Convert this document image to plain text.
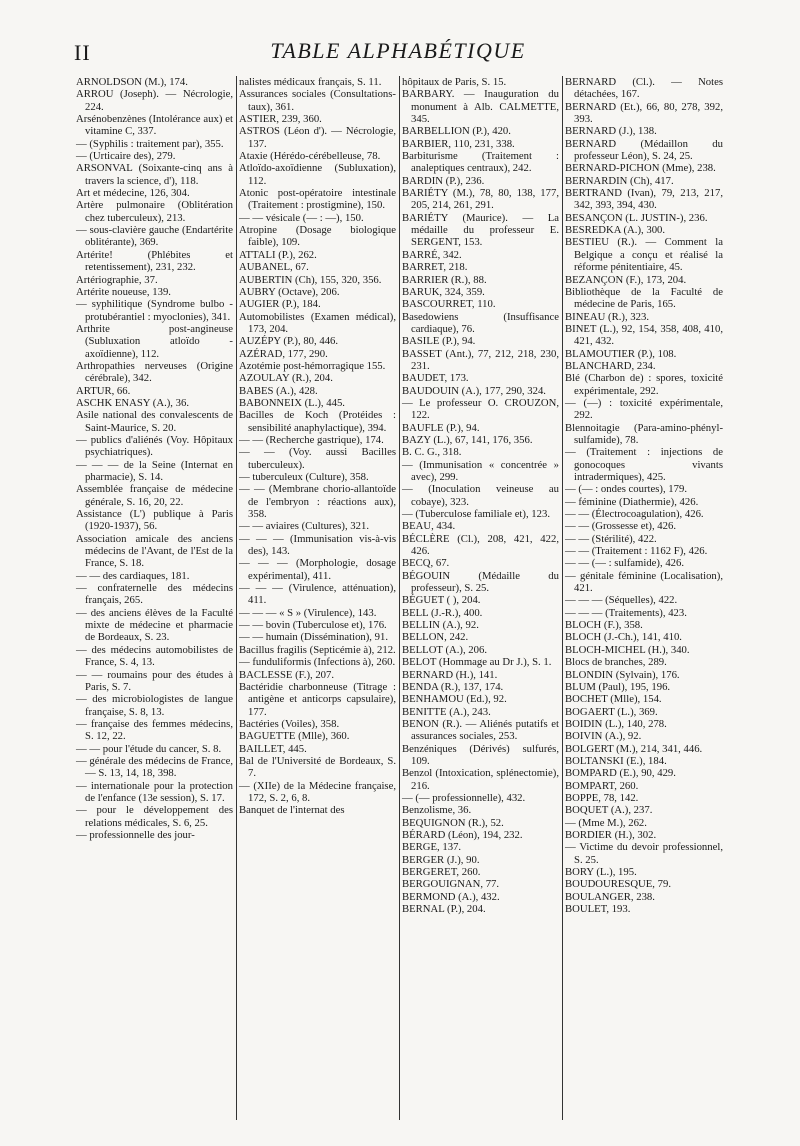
II	TABLE ALPHABÉTIQUE
ARNOLDSON (M.), 174.
ARROU (Joseph). — Nécrologie, 224.
Arsénobenzènes (Intolérance aux) et vitamine C, 337.
— (Syphilis : traitement par), 355.
— (Urticaire des), 279.
ARSONVAL (Soixante-cinq ans à travers la science, d'), 118.
Art et médecine, 126, 304.
Artère pulmonaire (Oblitération chez tuberculeux), 213.
— sous-clavière gauche (Endartérite oblitérante), 369.
Artérite! (Phlébites et retentissement), 231, 232.
Artériographie, 37.
Artérite noueuse, 139.
— syphilitique (Syndrome bulbo - protubérantiel : myoclonies), 341.
Arthrite post-angineuse (Subluxation atloïdo - axoïdienne), 112.
Arthropathies nerveuses (Origine cérébrale), 342.
ARTUR, 66.
ASCHK ENASY (A.), 36.
Asile national des convalescents de Saint-Maurice, S. 20.
— publics d'aliénés (Voy. Hôpitaux psychiatriques).
— — — de la Seine (Internat en pharmacie), S. 14.
Assemblée française de médecine générale, S. 16, 20, 22.
Assistance (L') publique à Paris (1920-1937), 56.
Association amicale des anciens médecins de l'Avant, de l'Est de la France, S. 18.
— — des cardiaques, 181.
— confraternelle des médecins français, 265.
— des anciens élèves de la Faculté mixte de médecine et pharmacie de Bordeaux, S. 23.
— des médecins automobilistes de France, S. 4, 13.
— — roumains pour des études à Paris, S. 7.
— des microbiologistes de langue française, S. 8, 13.
— française des femmes médecins, S. 12, 22.
— — pour l'étude du cancer, S. 8.
— générale des médecins de France, — S. 13, 14, 18, 398.
— internationale pour la protection de l'enfance (13e session), S. 17.
— pour le développement des relations médicales, S. 6, 25.
— professionnelle des jour-
nalistes médicaux français, S. 11.
Assurances sociales (Consultations-taux), 361.
ASTIER, 239, 360.
ASTROS (Léon d'). — Nécrologie, 137.
Ataxie (Hérédo-cérébelleuse, 78.
Atloïdo-axoïdienne (Subluxation), 112.
Atonic post-opératoire intestinale (Traitement : prostigmine), 150.
— — vésicale (— : —), 150.
Atropine (Dosage biologique faible), 109.
ATTALI (P.), 262.
AUBANEL, 67.
AUBERTIN (Ch), 155, 320, 356.
AUBRY (Octave), 206.
AUGIER (P.), 184.
Automobilistes (Examen médical), 173, 204.
AUZÉPY (P.), 80, 446.
AZÉRAD, 177, 290.
Azotémie post-hémorragique 155.
AZOULAY (R.), 204.
BABES (A.), 428.
BABONNEIX (L.), 445.
Bacilles de Koch (Protéides : sensibilité anaphylactique), 394.
— — (Recherche gastrique), 174.
— — (Voy. aussi Bacilles tuberculeux).
— tuberculeux (Culture), 358.
— — (Membrane chorio-allantoïde de l'embryon : réactions aux), 358.
— — aviaires (Cultures), 321.
— — — (Immunisation vis-à-vis des), 143.
— — — (Morphologie, dosage expérimental), 411.
— — — (Virulence, atténuation), 411.
— — — « S » (Virulence), 143.
— — bovin (Tuberculose et), 176.
— — humain (Dissémination), 91.
Bacillus fragilis (Septicémie à), 212.
— funduliformis (Infections à), 260.
BACLESSE (F.), 207.
Bactéridie charbonneuse (Titrage : antigène et anticorps capsulaire), 177.
Bactéries (Voiles), 358.
BAGUETTE (Mlle), 360.
BAILLET, 445.
Bal de l'Université de Bordeaux, S. 7.
— (XIIe) de la Médecine française, 172, S. 2, 6, 8.
Banquet de l'internat des
hôpitaux de Paris, S. 15.
BARBARY. — Inauguration du monument à Alb. CALMETTE, 345.
BARBELLION (P.), 420.
BARBIER, 110, 231, 338.
Barbiturisme (Traitement : analeptiques centraux), 242.
BARDIN (P.), 236.
BARIÉTY (M.), 78, 80, 138, 177, 205, 214, 261, 291.
BARIÉTY (Maurice). — La médaille du professeur E. SERGENT, 153.
BARRÉ, 342.
BARRET, 218.
BARRIER (R.), 88.
BARUK, 324, 359.
BASCOURRET, 110.
Basedowiens (Insuffisance cardiaque), 76.
BASILE (P.), 94.
BASSET (Ant.), 77, 212, 218, 230, 231.
BAUDET, 173.
BAUDOUIN (A.), 177, 290, 324.
— Le professeur O. CROUZON, 122.
BAUFLE (P.), 94.
BAZY (L.), 67, 141, 176, 356.
B. C. G., 318.
— (Immunisation « concentrée » avec), 299.
— (Inoculation veineuse au cobaye), 323.
— (Tuberculose familiale et), 123.
BEAU, 434.
BÉCLÈRE (Cl.), 208, 421, 422, 426.
BECQ, 67.
BÉGOUIN (Médaille du professeur), S. 25.
BÉGUET ( ), 204.
BELL (J.-R.), 400.
BELLIN (A.), 92.
BELLON, 242.
BELLOT (A.), 206.
BELOT (Hommage au Dr J.), S. 1.
BERNARD (H.), 141.
BENDA (R.), 137, 174.
BENHAMOU (Ed.), 92.
BENITTE (A.), 243.
BENON (R.). — Aliénés putatifs et assurances sociales, 253.
Benzéniques (Dérivés) sulfurés, 109.
Benzol (Intoxication, splénectomie), 216.
— (— professionnelle), 432.
Benzolisme, 36.
BEQUIGNON (R.), 52.
BÉRARD (Léon), 194, 232.
BERGE, 137.
BERGER (J.), 90.
BERGERET, 260.
BERGOUIGNAN, 77.
BERMOND (A.), 432.
BERNAL (P.), 204.
BERNARD (Cl.). — Notes détachées, 167.
BERNARD (Et.), 66, 80, 278, 392, 393.
BERNARD (J.), 138.
BERNARD (Médaillon du professeur Léon), S. 24, 25.
BERNARD-PICHON (Mme), 238.
BERNARDIN (Ch), 417.
BERTRAND (Ivan), 79, 213, 217, 342, 393, 394, 430.
BESANÇON (L. JUSTIN-), 236.
BESREDKA (A.), 300.
BESTIEU (R.). — Comment la Belgique a conçu et réalisé la réforme pénitentiaire, 45.
BEZANÇON (F.), 173, 204.
Bibliothèque de la Faculté de médecine de Paris, 165.
BINEAU (R.), 323.
BINET (L.), 92, 154, 358, 408, 410, 421, 432.
BLAMOUTIER (P.), 108.
BLANCHARD, 234.
Blé (Charbon de) : spores, toxicité expérimentale, 292.
— (—) : toxicité expérimentale, 292.
Blennoitagie (Para-amino-phényl-sulfamide), 78.
— (Traitement : injections de gonocoques vivants intradermiques), 425.
— (— : ondes courtes), 179.
— féminine (Diathermie), 426.
— — (Électrocoagulation), 426.
— — (Grossesse et), 426.
— — (Stérilité), 422.
— — (Traitement : 1162 F), 426.
— — (— : sulfamide), 426.
— génitale féminine (Localisation), 421.
— — — (Séquelles), 422.
— — — (Traitements), 423.
BLOCH (F.), 358.
BLOCH (J.-Ch.), 141, 410.
BLOCH-MICHEL (H.), 340.
Blocs de branches, 289.
BLONDIN (Sylvain), 176.
BLUM (Paul), 195, 196.
BOCHET (Mlle), 154.
BOGAERT (L.), 369.
BOIDIN (L.), 140, 278.
BOIVIN (A.), 92.
BOLGERT (M.), 214, 341, 446.
BOLTANSKI (E.), 184.
BOMPARD (E.), 90, 429.
BOMPART, 260.
BOPPE, 78, 142.
BOQUET (A.), 237.
— (Mme M.), 262.
BORDIER (H.), 302.
— Victime du devoir professionnel, S. 25.
BORY (L.), 195.
BOUDOURESQUE, 79.
BOULANGER, 238.
BOULET, 193.
